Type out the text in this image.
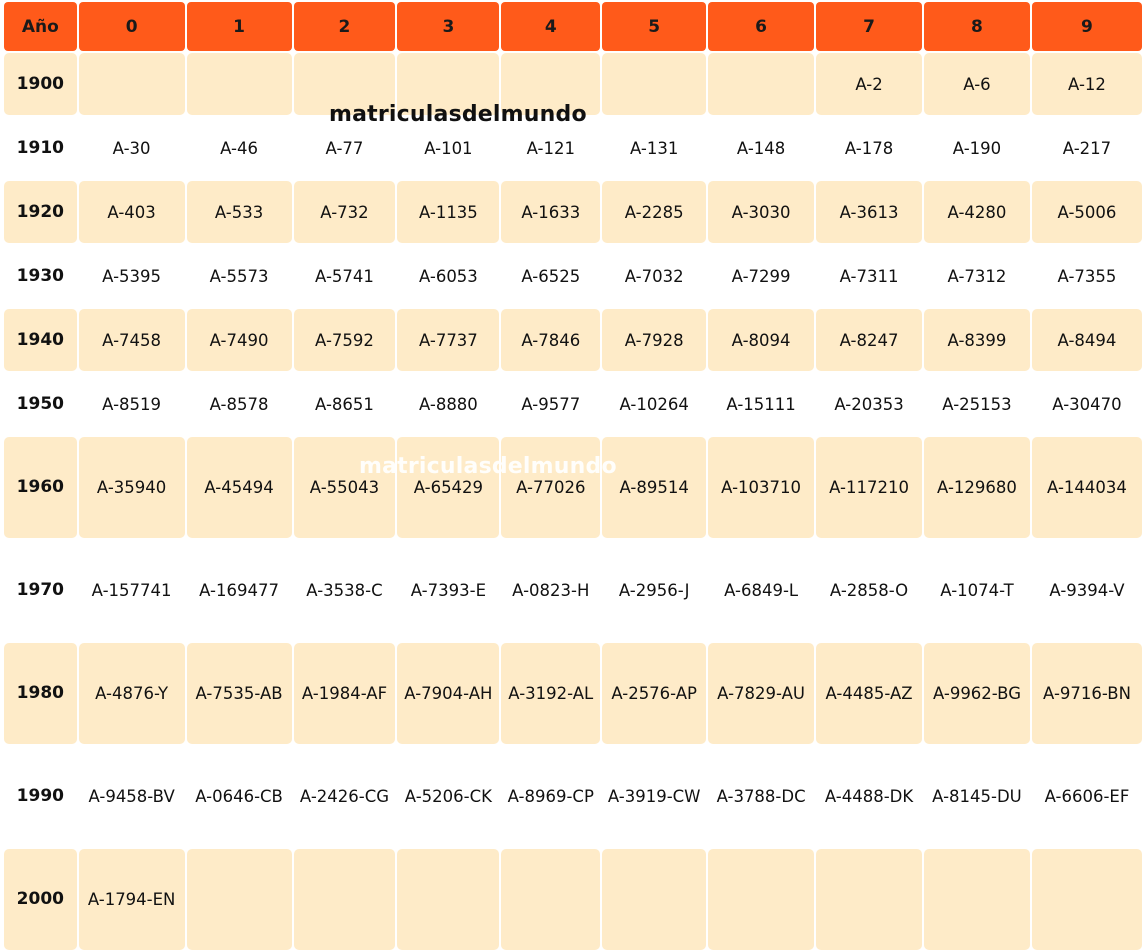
Año	0	1	2	3	4	5	6	7	8	9
1900								A-2	A-6	A-12
1910	A-30	A-46	A-77	A-101	A-121	A-131	A-148	A-178	A-190	A-217
1920	A-403	A-533	A-732	A-1135	A-1633	A-2285	A-3030	A-3613	A-4280	A-5006
1930	A-5395	A-5573	A-5741	A-6053	A-6525	A-7032	A-7299	A-7311	A-7312	A-7355
1940	A-7458	A-7490	A-7592	A-7737	A-7846	A-7928	A-8094	A-8247	A-8399	A-8494
1950	A-8519	A-8578	A-8651	A-8880	A-9577	A-10264	A-15111	A-20353	A-25153	A-30470
1960	A-35940	A-45494	A-55043	A-65429	A-77026	A-89514	A-103710	A-117210	A-129680	A-144034
1970	A-157741	A-169477	A-3538-C	A-7393-E	A-0823-H	A-2956-J	A-6849-L	A-2858-O	A-1074-T	A-9394-V
1980	A-4876-Y	A-7535-AB	A-1984-AF	A-7904-AH	A-3192-AL	A-2576-AP	A-7829-AU	A-4485-AZ	A-9962-BG	A-9716-BN
1990	A-9458-BV	A-0646-CB	A-2426-CG	A-5206-CK	A-8969-CP	A-3919-CW	A-3788-DC	A-4488-DK	A-8145-DU	A-6606-EF
2000	A-1794-EN									
matriculasdelmundo
matriculasdelmundo
